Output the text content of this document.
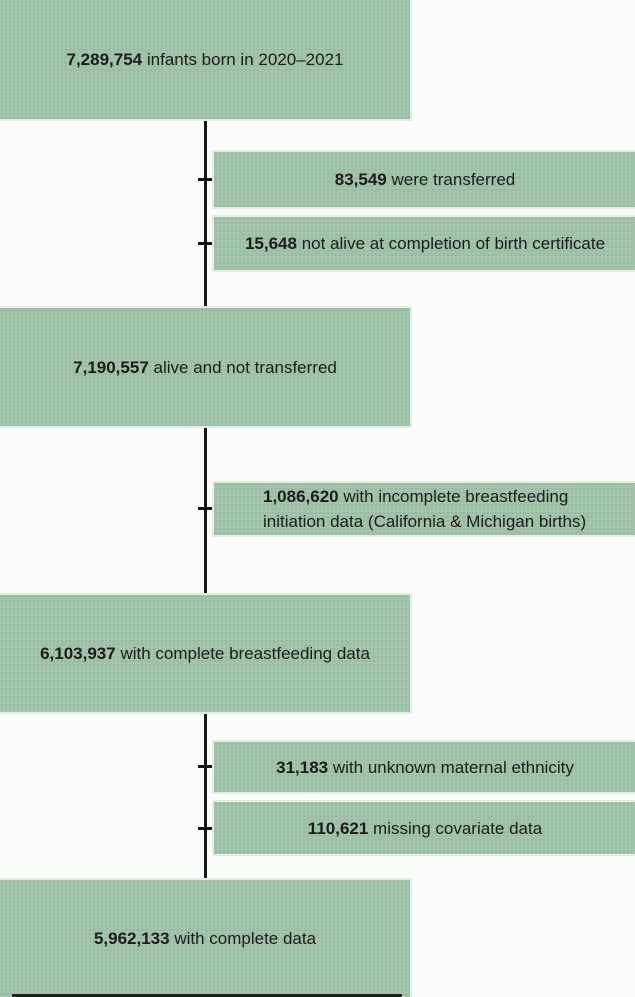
7,289,754 infants born in 2020–2021

7,190,557 alive and not transferred

6,103,937 with complete breastfeeding data

5,962,133 with complete data

83,549 were transferred

15,648 not alive at completion of birth certificate

1,086,620 with incomplete breastfeeding initiation data (California & Michigan births)

31,183 with unknown maternal ethnicity

110,621 missing covariate data
